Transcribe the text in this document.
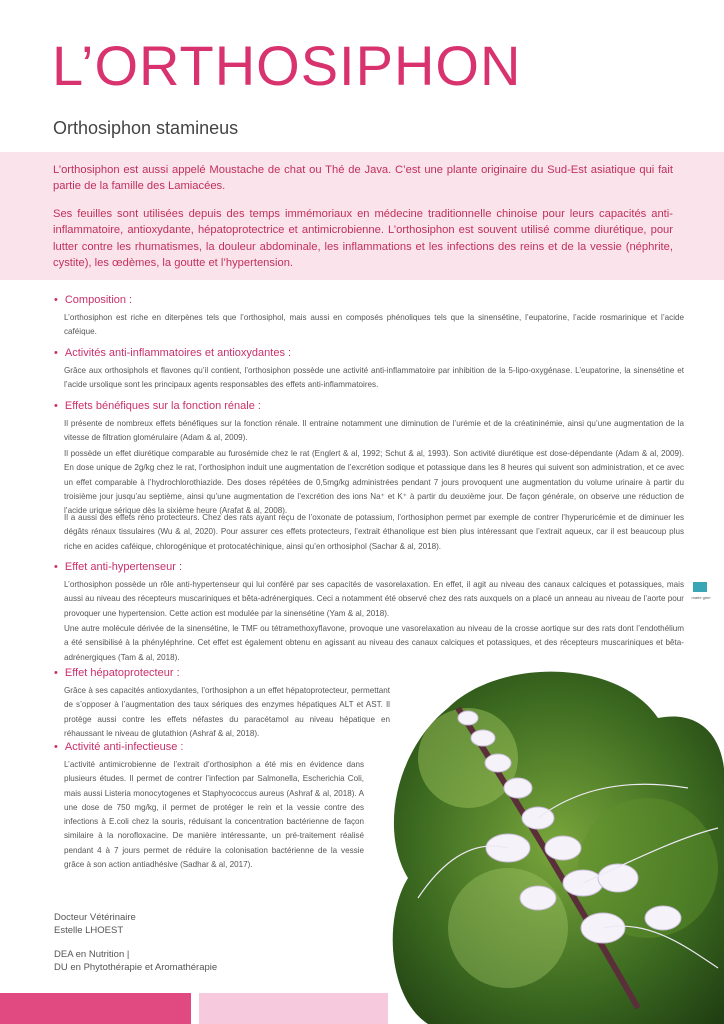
L’ORTHOSIPHON
Orthosiphon stamineus

L’orthosiphon est aussi appelé Moustache de chat ou Thé de Java. C’est une plante originaire du Sud-Est asiatique qui fait partie de la famille des Lamiacées.

Ses feuilles sont utilisées depuis des temps immémoriaux en médecine traditionnelle chinoise pour leurs capacités anti-inflammatoire, antioxydante, hépatoprotectrice et antimicrobienne. L’orthosiphon est souvent utilisé comme diurétique, pour lutter contre les rhumatismes, la douleur abdominale, les inflammations et les infections des reins et de la vessie (néphrite, cystite), les œdèmes, la goutte et l’hypertension.

• Composition :

L’orthosiphon est riche en diterpènes tels que l’orthosiphol, mais aussi en composés phénoliques tels que la sinensétine, l’eupatorine, l’acide rosmarinique et l’acide caféique.

• Activités anti-inflammatoires et antioxydantes :

Grâce aux orthosiphols et flavones qu’il contient, l’orthosiphon possède une activité anti-inflammatoire par inhibition de la 5-lipo-oxygénase. L’eupatorine, la sinensétine et l’acide ursolique sont les principaux agents responsables des effets anti-inflammatoires.

• Effets bénéfiques sur la fonction rénale :

Il présente de nombreux effets bénéfiques sur la fonction rénale. Il entraine notamment une diminution de l’urémie et de la créatininémie, ainsi qu’une augmentation de la vitesse de filtration glomérulaire (Adam & al, 2009).

Il possède un effet diurétique comparable au furosémide chez le rat (Englert & al, 1992; Schut & al, 1993). Son activité diurétique est dose-dépendante (Adam & al, 2009). En dose unique de 2g/kg chez le rat, l’orthosiphon induit une augmentation de l’excrétion sodique et potassique dans les 8 heures qui suivent son administration, et ce avec un effet comparable à l’hydrochlorothiazide. Des doses répétées de 0,5mg/kg administrées pendant 7 jours provoquent une augmentation du volume urinaire à partir du troisième jour jusqu’au septième, ainsi qu’une augmentation de l’excrétion des ions Na⁺ et K⁺ à partir du deuxième jour. De façon générale, on observe une réduction de l’acide urique sérique dès la sixième heure (Arafat & al, 2008).

Il a aussi des effets réno protecteurs. Chez des rats ayant reçu de l’oxonate de potassium, l’orthosiphon permet par exemple de contrer l’hyperuricémie et de diminuer les dégâts rénaux tissulaires (Wu & al, 2020). Pour assurer ces effets protecteurs, l’extrait éthanolique est bien plus intéressant que l’extrait aqueux, car il est beaucoup plus riche en acides caféique, chlorogénique et protocatéchinique, ainsi qu’en orthosiphol (Sachar & al, 2018).

• Effet anti-hypertenseur :

L’orthosiphon possède un rôle anti-hypertenseur qui lui conféré par ses capacités de vasorelaxation. En effet, il agit au niveau des canaux calciques et potassiques, mais aussi au niveau des récepteurs muscariniques et bêta-adrénergiques. Ceci a notamment été observé chez des rats auxquels on a placé un anneau au niveau de l’aorte pour provoquer une hypertension. Cette action est modulée par la sinensétine (Yam & al, 2018).

Une autre molécule dérivée de la sinensétine, le TMF ou tétramethoxyflavone, provoque une vasorelaxation au niveau de la crosse aortique sur des rats dont l’endothélium a été sensibilisé à la phényléphrine. Cet effet est également obtenu en agissant au niveau des canaux calciques et potassiques, et des récepteurs muscariniques et bêta-adrénergiques (Tam & al, 2018).

• Effet hépatoprotecteur :

Grâce à ses capacités antioxydantes, l’orthosiphon a un effet hépatoprotecteur, permettant de s’opposer à l’augmentation des taux sériques des enzymes hépatiques ALT et AST. Il protège aussi contre les effets néfastes du paracétamol au niveau hépatique en réhaussant le niveau de glutathion (Ashraf & al, 2018).

• Activité anti-infectieuse :

L’activité antimicrobienne de l’extrait d’orthosiphon a été mis en évidence dans plusieurs études. Il permet de contrer l’infection par Salmonella, Escherichia Coli, mais aussi Listeria monocytogenes et Staphyococcus aureus (Ashraf & al, 2018). A une dose de 750 mg/kg, il permet de protéger le rein et la vessie contre des infections à E.coli chez la souris, réduisant la concentration bactérienne de façon similaire à la norofloxacine. De manière intéressante, un pré-traitement réalisé pendant 4 à 7 jours permet de réduire la colonisation bactérienne de la vessie grâce à son action antiadhésive (Sadhar & al, 2017).

marie grim

Docteur Vétérinaire

Estelle LHOEST

DEA en Nutrition |

DU en Phytothérapie et Aromathérapie
